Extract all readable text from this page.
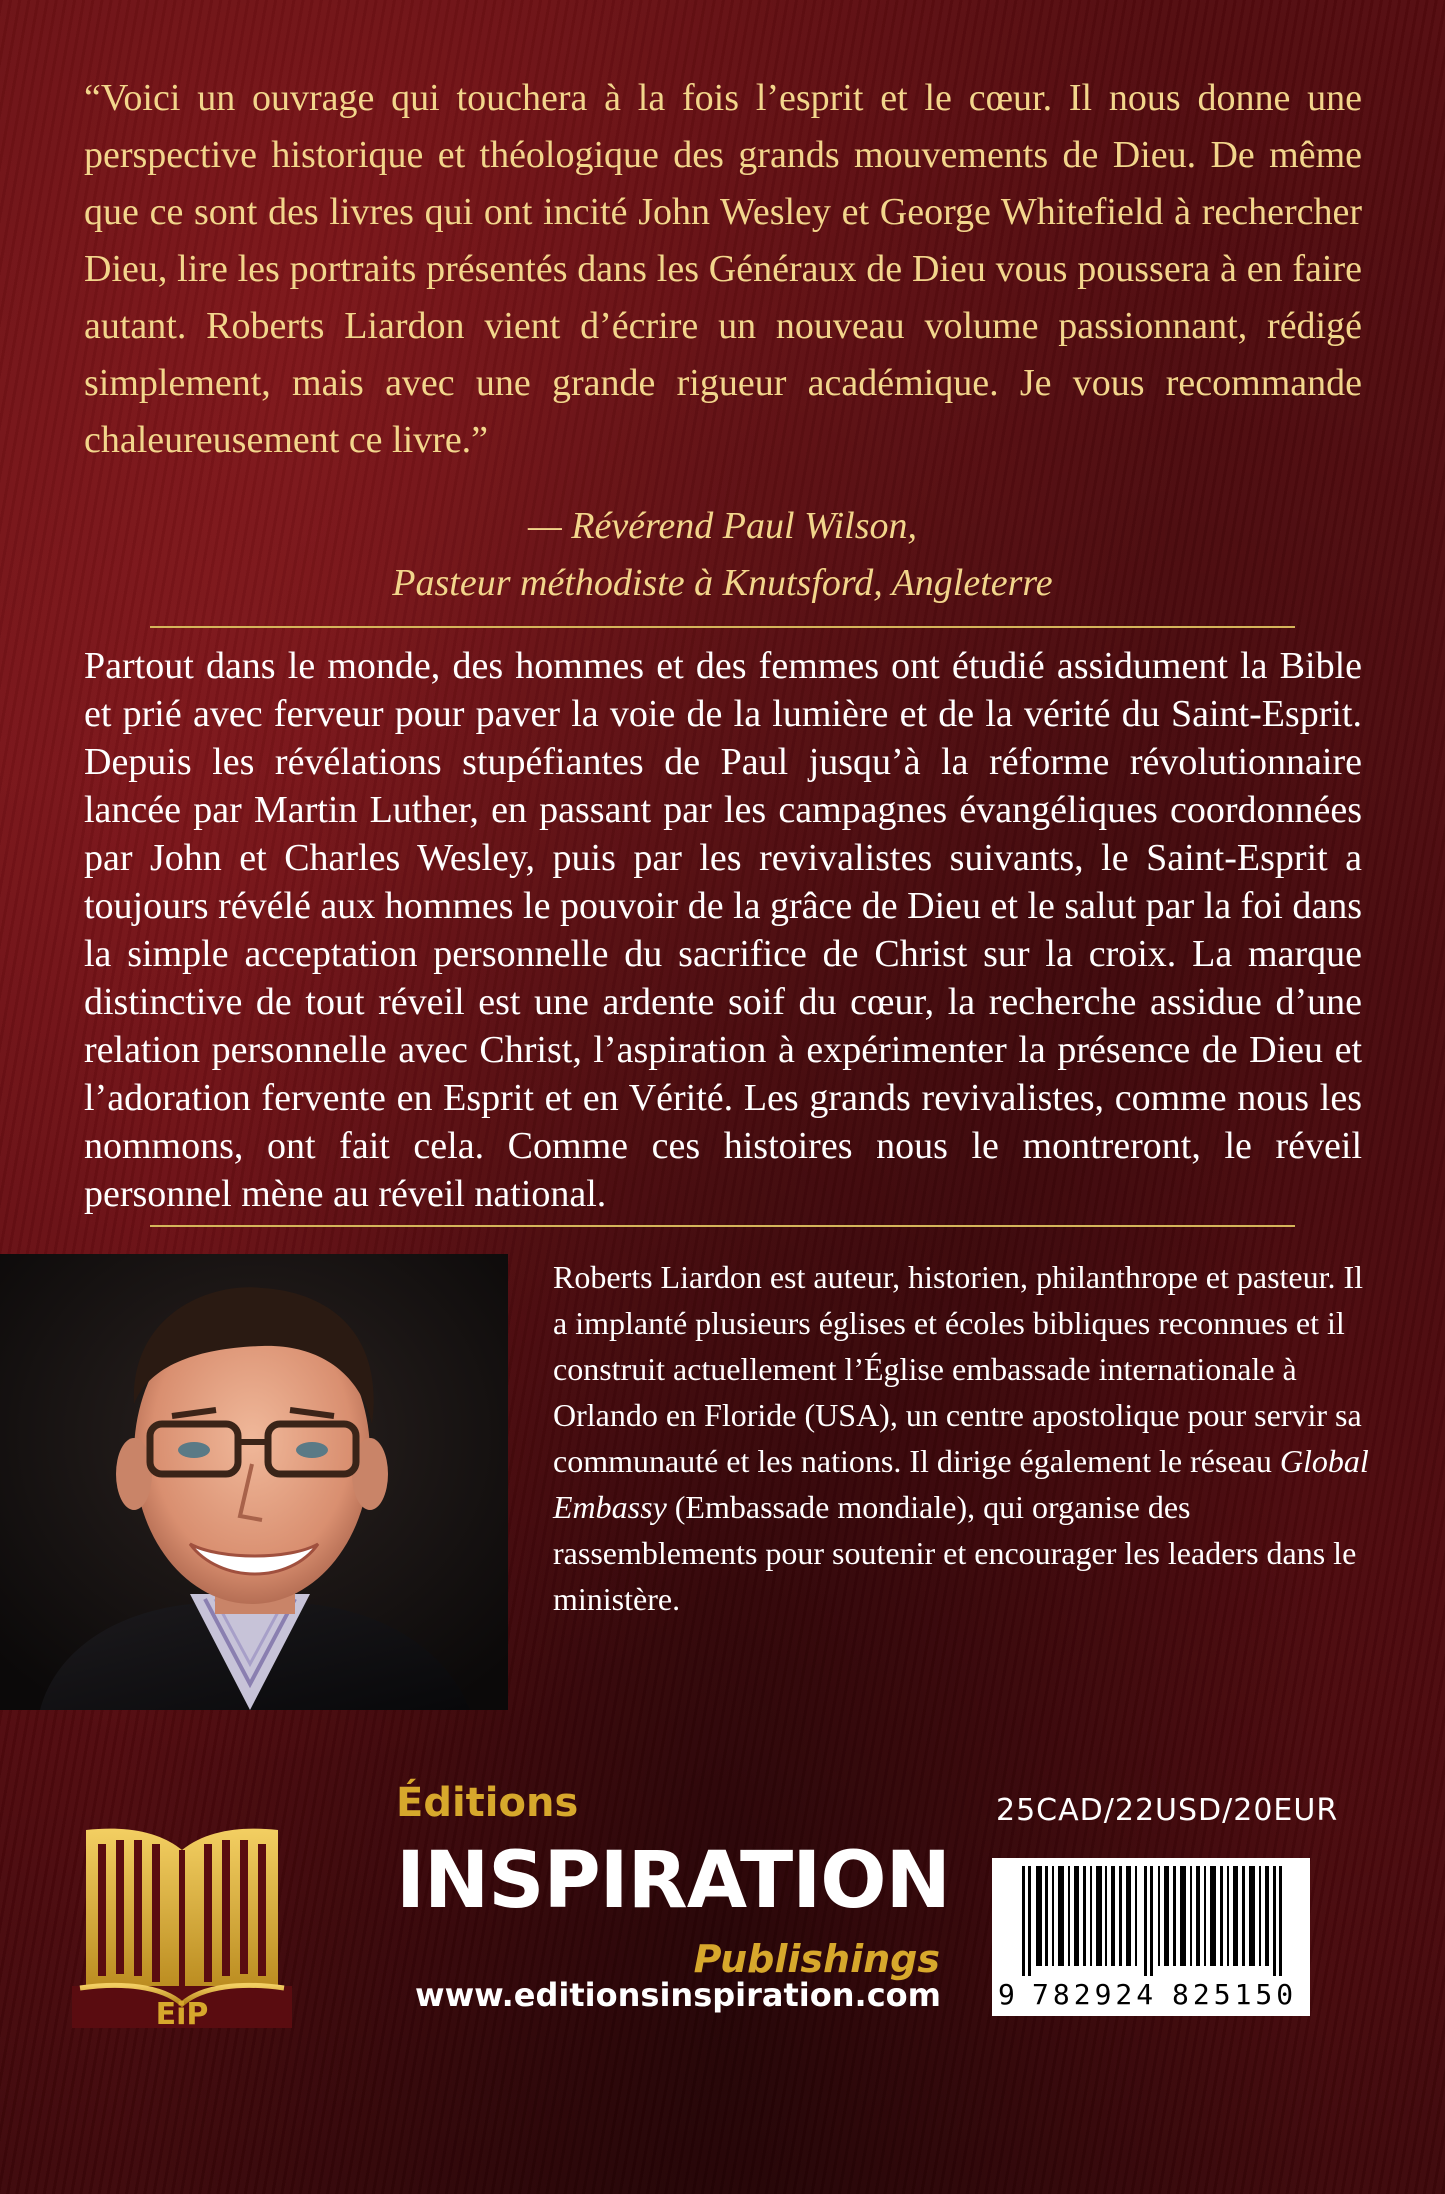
“Voici un ouvrage qui touchera à la fois l’esprit et le cœur. Il nous donne une perspective historique et théologique des grands mouvements de Dieu. De même que ce sont des livres qui ont incité John Wesley et George Whitefield à rechercher Dieu, lire les portraits présentés dans les Généraux de Dieu vous poussera à en faire autant. Roberts Liardon vient d’écrire un nouveau volume passionnant, rédigé simplement, mais avec une grande rigueur académique. Je vous recommande chaleureusement ce livre.”

— Révérend Paul Wilson,
Pasteur méthodiste à Knutsford, Angleterre

Partout dans le monde, des hommes et des femmes ont étudié assidument la Bible et prié avec ferveur pour paver la voie de la lumière et de la vérité du Saint-Esprit. Depuis les révélations stupéfiantes de Paul jusqu’à la réforme révolutionnaire lancée par Martin Luther, en passant par les campagnes évangéliques coordonnées par John et Charles Wesley, puis par les revivalistes suivants, le Saint-Esprit a toujours révélé aux hommes le pouvoir de la grâce de Dieu et le salut par la foi dans la simple acceptation personnelle du sacrifice de Christ sur la croix. La marque distinctive de tout réveil est une ardente soif du cœur, la recherche assidue d’une relation personnelle avec Christ, l’aspiration à expérimenter la présence de Dieu et l’adoration fervente en Esprit et en Vérité. Les grands revivalistes, comme nous les nommons, ont fait cela. Comme ces histoires nous le montreront, le réveil personnel mène au réveil national.

Roberts Liardon est auteur, historien, philanthrope et pasteur. Il a implanté plusieurs églises et écoles bibliques reconnues et il construit actuellement l’Église embassade internationale à Orlando en Floride (USA), un centre apostolique pour servir sa communauté et les nations. Il dirige également le réseau Global Embassy (Embassade mondiale), qui organise des rassemblements pour soutenir et encourager les leaders dans le ministère.

EiP
Éditions
INSPIRATION
Publishings
www.editionsinspiration.com
25CAD/22USD/20EUR
9 782924 825150
